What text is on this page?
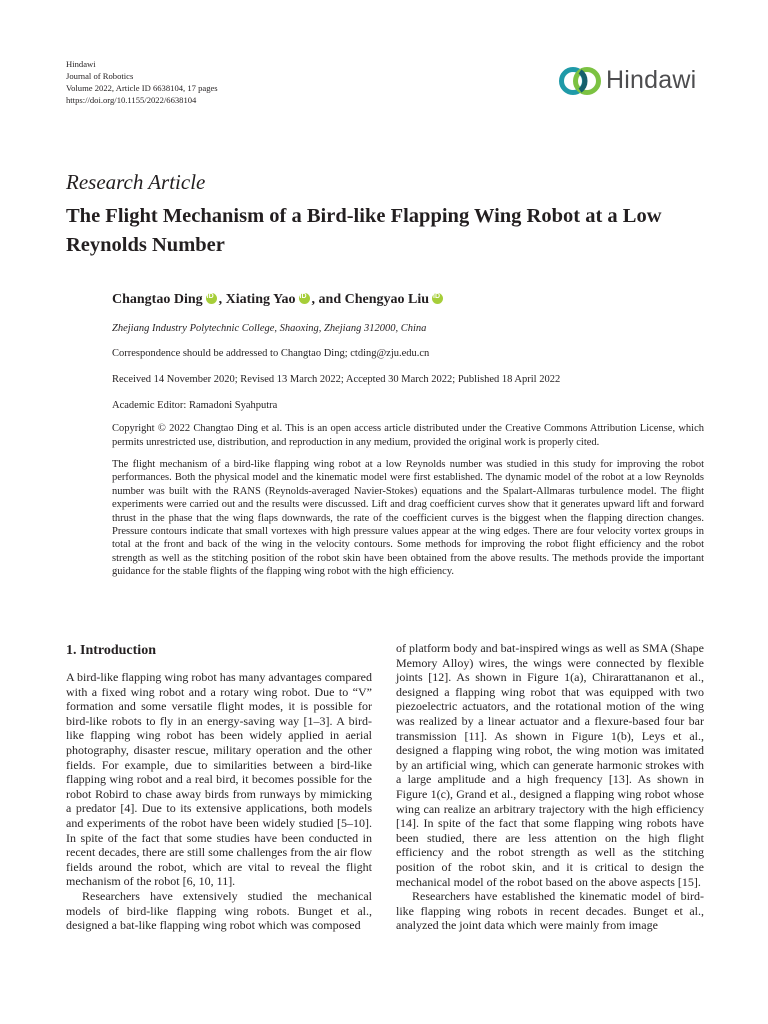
Hindawi
Journal of Robotics
Volume 2022, Article ID 6638104, 17 pages
https://doi.org/10.1155/2022/6638104
Hindawi
Research Article
The Flight Mechanism of a Bird-like Flapping Wing Robot at a Low Reynolds Number
Changtao Ding iD , Xiating Yao iD , and Chengyao LiuiD
Zhejiang Industry Polytechnic College, Shaoxing, Zhejiang 312000, China
Correspondence should be addressed to Changtao Ding; ctding@zju.edu.cn
Received 14 November 2020; Revised 13 March 2022; Accepted 30 March 2022; Published 18 April 2022
Academic Editor: Ramadoni Syahputra
Copyright © 2022 Changtao Ding et al. This is an open access article distributed under the Creative Commons Attribution License, which permits unrestricted use, distribution, and reproduction in any medium, provided the original work is properly cited.
The flight mechanism of a bird-like flapping wing robot at a low Reynolds number was studied in this study for improving the robot performances. Both the physical model and the kinematic model were first established. The dynamic model of the robot at a low Reynolds number was built with the RANS (Reynolds-averaged Navier-Stokes) equations and the Spalart-Allmaras turbulence model. The flight experiments were carried out and the results were discussed. Lift and drag coefficient curves show that it generates upward lift and forward thrust in the phase that the wing flaps downwards, the rate of the coefficient curves is the biggest when the flapping direction changes. Pressure contours indicate that small vortexes with high pressure values appear at the wing edges. There are four velocity vortex groups in total at the front and back of the wing in the velocity contours. Some methods for improving the robot flight efficiency and the robot strength as well as the stitching position of the robot skin have been obtained from the above results. The methods provide the important guidance for the stable flights of the flapping wing robot with the high efficiency.
1. Introduction

A bird-like flapping wing robot has many advantages compared with a fixed wing robot and a rotary wing robot. Due to “V” formation and some versatile flight modes, it is possible for bird-like robots to fly in an energy-saving way [1–3]. A bird-like flapping wing robot has been widely applied in aerial photography, disaster rescue, military operation and the other fields. For example, due to similarities between a bird-like flapping wing robot and a real bird, it becomes possible for the robot Robird to chase away birds from runways by mimicking a predator [4]. Due to its extensive applications, both models and experiments of the robot have been widely studied [5–10]. In spite of the fact that some studies have been conducted in recent decades, there are still some challenges from the air flow fields around the robot, which are vital to reveal the flight mechanism of the robot [6, 10, 11].

Researchers have extensively studied the mechanical models of bird-like flapping wing robots. Bunget et al., designed a bat-like flapping wing robot which was composed

of platform body and bat-inspired wings as well as SMA (Shape Memory Alloy) wires, the wings were connected by flexible joints [12]. As shown in Figure 1(a), Chirarattananon et al., designed a flapping wing robot that was equipped with two piezoelectric actuators, and the rotational motion of the wing was realized by a linear actuator and a flexure-based four bar transmission [11]. As shown in Figure 1(b), Leys et al., designed a flapping wing robot, the wing motion was imitated by an artificial wing, which can generate harmonic strokes with a large amplitude and a high frequency [13]. As shown in Figure 1(c), Grand et al., designed a flapping wing robot whose wing can realize an arbitrary trajectory with the high efficiency [14]. In spite of the fact that some flapping wing robots have been studied, there are less attention on the high flight efficiency and the robot strength as well as the stitching position of the robot skin, and it is critical to design the mechanical model of the robot based on the above aspects [15].

Researchers have established the kinematic model of bird-like flapping wing robots in recent decades. Bunget et al., analyzed the joint data which were mainly from image
